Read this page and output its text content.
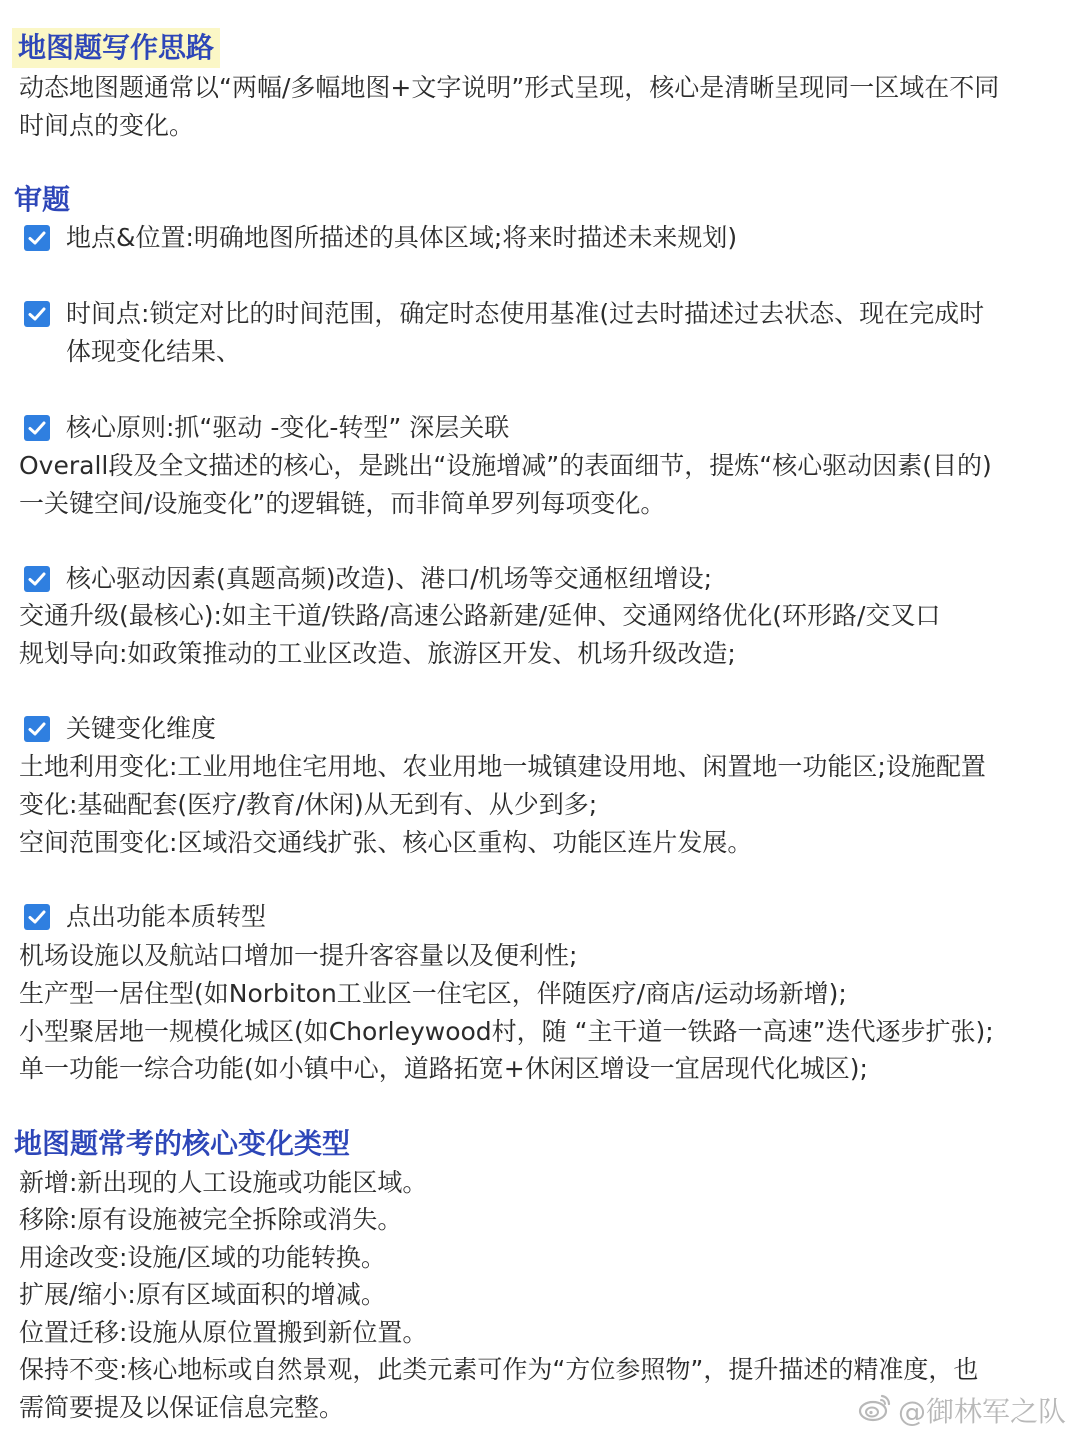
地图题写作思路
动态地图题通常以“两幅/多幅地图+文字说明”形式呈现，核心是清晰呈现同一区域在不同
时间点的变化。
审题
地点&位置:明确地图所描述的具体区域;将来时描述未来规划)
时间点:锁定对比的时间范围，确定时态使用基准(过去时描述过去状态、现在完成时
体现变化结果、
核心原则:抓“驱动 -变化-转型” 深层关联
Overall段及全文描述的核心，是跳出“设施增减”的表面细节，提炼“核心驱动因素(目的)
一关键空间/设施变化”的逻辑链，而非简单罗列每项变化。
核心驱动因素(真题高频)改造)、港口/机场等交通枢纽增设;
交通升级(最核心):如主干道/铁路/高速公路新建/延伸、交通网络优化(环形路/交叉口
规划导向:如政策推动的工业区改造、旅游区开发、机场升级改造;
关键变化维度
土地利用变化:工业用地住宅用地、农业用地一城镇建设用地、闲置地一功能区;设施配置
变化:基础配套(医疗/教育/休闲)从无到有、从少到多;
空间范围变化:区域沿交通线扩张、核心区重构、功能区连片发展。
点出功能本质转型
机场设施以及航站口增加一提升客容量以及便利性;
生产型一居住型(如Norbiton工业区一住宅区，伴随医疗/商店/运动场新增);
小型聚居地一规模化城区(如Chorleywood村，随 “主干道一铁路一高速”迭代逐步扩张);
单一功能一综合功能(如小镇中心，道路拓宽+休闲区增设一宜居现代化城区);
地图题常考的核心变化类型
新增:新出现的人工设施或功能区域。
移除:原有设施被完全拆除或消失。
用途改变:设施/区域的功能转换。
扩展/缩小:原有区域面积的增减。
位置迁移:设施从原位置搬到新位置。
保持不变:核心地标或自然景观，此类元素可作为“方位参照物”，提升描述的精准度，也
需简要提及以保证信息完整。	@御林军之队
